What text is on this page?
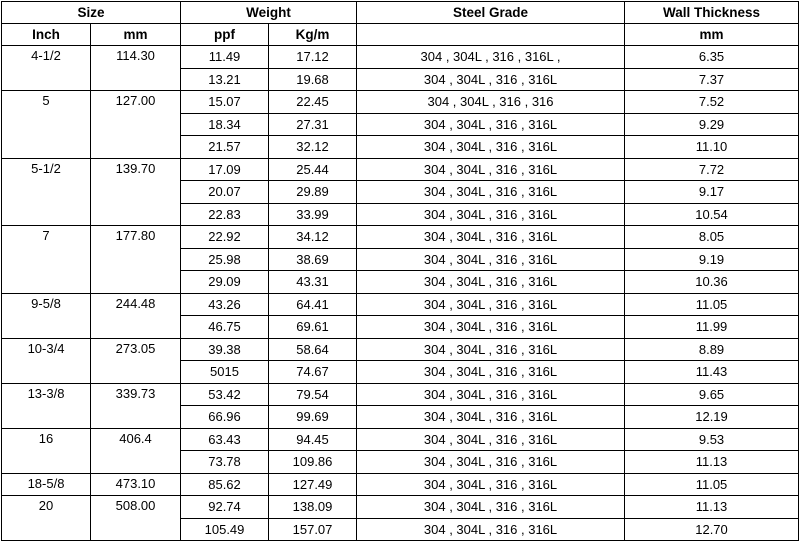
Size		Weight		Steel Grade	Wall Thickness
Inch	mm	ppf	Kg/m		mm
4-1/2	114.30	11.49	17.12	304 , 304L , 316 , 316L ,	6.35
		13.21	19.68	304 , 304L , 316 , 316L	7.37
5	127.00	15.07	22.45	304 , 304L , 316 , 316	7.52
		18.34	27.31	304 , 304L , 316 , 316L	9.29
		21.57	32.12	304 , 304L , 316 , 316L	11.10
5-1/2	139.70	17.09	25.44	304 , 304L , 316 , 316L	7.72
		20.07	29.89	304 , 304L , 316 , 316L	9.17
		22.83	33.99	304 , 304L , 316 , 316L	10.54
7	177.80	22.92	34.12	304 , 304L , 316 , 316L	8.05
		25.98	38.69	304 , 304L , 316 , 316L	9.19
		29.09	43.31	304 , 304L , 316 , 316L	10.36
9-5/8	244.48	43.26	64.41	304 , 304L , 316 , 316L	11.05
		46.75	69.61	304 , 304L , 316 , 316L	11.99
10-3/4	273.05	39.38	58.64	304 , 304L , 316 , 316L	8.89
		5015	74.67	304 , 304L , 316 , 316L	11.43
13-3/8	339.73	53.42	79.54	304 , 304L , 316 , 316L	9.65
		66.96	99.69	304 , 304L , 316 , 316L	12.19
16	406.4	63.43	94.45	304 , 304L , 316 , 316L	9.53
		73.78	109.86	304 , 304L , 316 , 316L	11.13
18-5/8	473.10	85.62	127.49	304 , 304L , 316 , 316L	11.05
20	508.00	92.74	138.09	304 , 304L , 316 , 316L	11.13
		105.49	157.07	304 , 304L , 316 , 316L	12.70
